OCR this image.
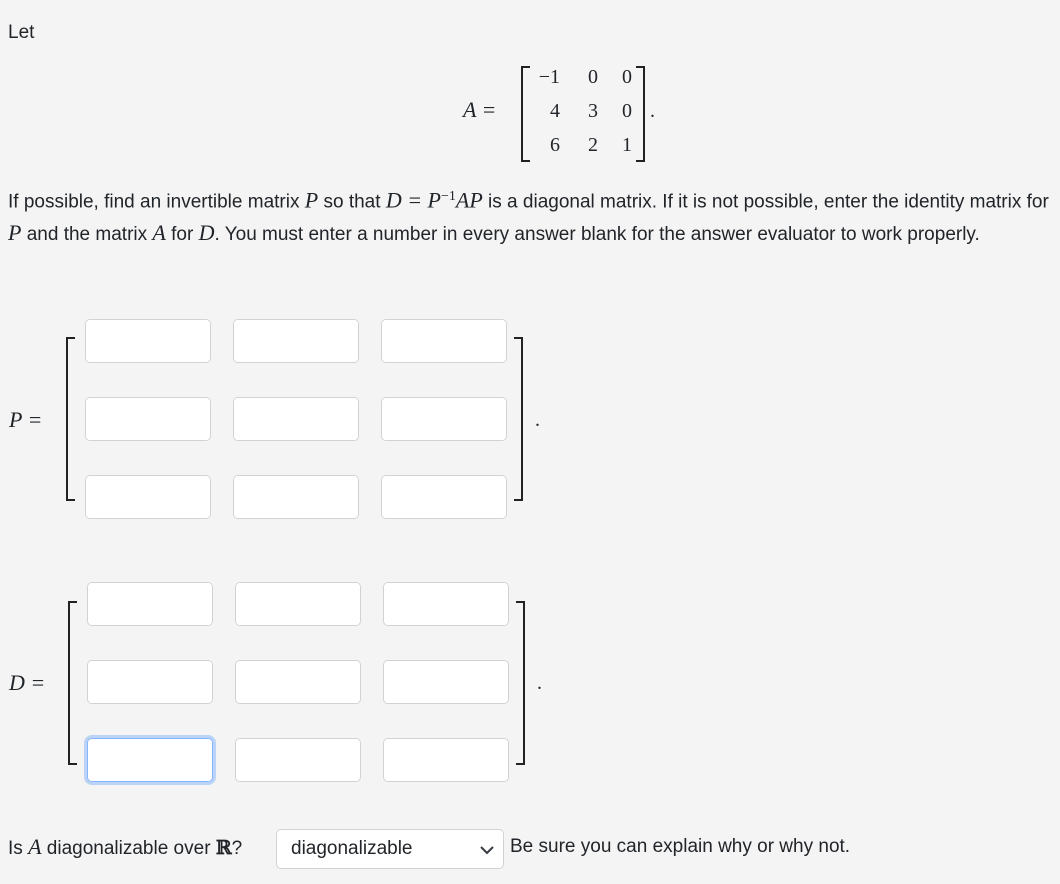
Let
A =
−1	0	0
4	3	0
6	2	1
.
If possible, find an invertible matrix P so that $D = P^{-1}AP$ is a diagonal matrix. If it is not possible, enter the identity matrix for P and the matrix A for D. You must enter a number in every answer blank for the answer evaluator to work properly.
P =	.
D =	.
Is A diagonalizable over ℝ?	diagonalizable	Be sure you can explain why or why not.
